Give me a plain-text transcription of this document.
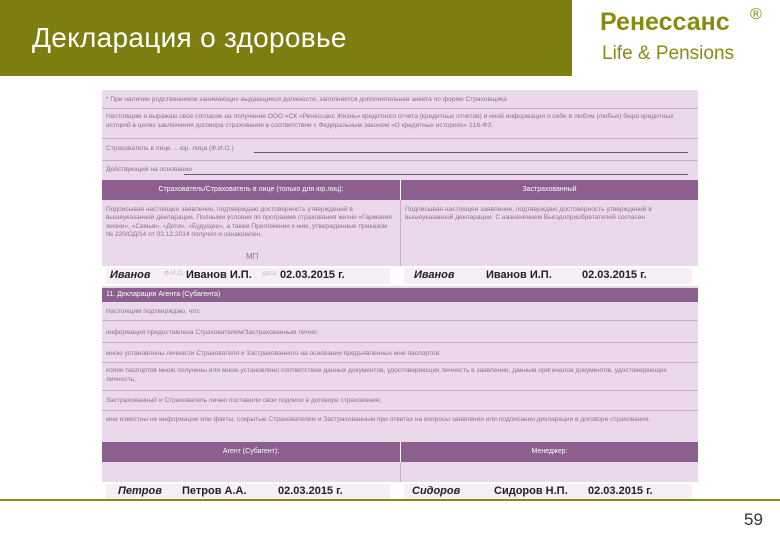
Декларация о здоровье	Ренессанс ®
Life & Pensions
* При наличии родственников занимающих выдающиеся должности, заполняется дополнительная анкета по форме Страховщика
Настоящим я выражаю свое согласие на получение ООО «СК «Ренессанс Жизнь» кредитного отчета (кредитных отчетов) и иной информации о себе в любом (любых) бюро кредитных историй в целях заключения договора страхования в соответствии с Федеральным законом «О кредитных историях» 218-ФЗ.
Страхователь в лице ... юр. лица (Ф.И.О.)
Действующий на основании
Страхователь/Страхователь в лице (только для юр.лиц):	Застрахованный
Подписывая настоящее заявление, подтверждаю достоверность утверждений в вышеуказанной декларации. Полными условия по программе страхования жизни «Гармония жизни», «Семья», «Дети», «Будущее», а также Приложения к ним, утвержденные приказом № 220/ОД/14 от 03.12.2014 получил и ознакомлен.
Подписывая настоящее заявление, подтверждаю достоверность утверждений в вышеуказанной декларации. С назначением Выгодоприобретателей согласен
МП
Ф.И.О.	дата
Иванов	Иванов И.П.	02.03.2015 г.	Иванов	Иванов И.П.	02.03.2015 г.
11. Декларация Агента (Субагента)
Настоящим подтверждаю, что:
информация предоставлена Страхователем/Застрахованным лично;
мною установлены личности Страхователя и Застрахованного на основании предъявленных мне паспортов;
копии паспортов мною получены или мною установлено соответствие данных документов, удостоверяющих личность в заявлении, данным оригиналов документов, удостоверяющих личность;
Застрахованный и Страхователь лично поставили свои подписи в договоре страхования;
мне известны не информации или факты, сокрытые Страхователем и Застрахованным при ответах на вопросы заявления или подписании декларации в договоре страхования.
Агент (Субагент):	Менеджер:
Петров Петров А.А.	02.03.2015 г.	Сидоров	Сидоров Н.П. 02.03.2015 г.
59
